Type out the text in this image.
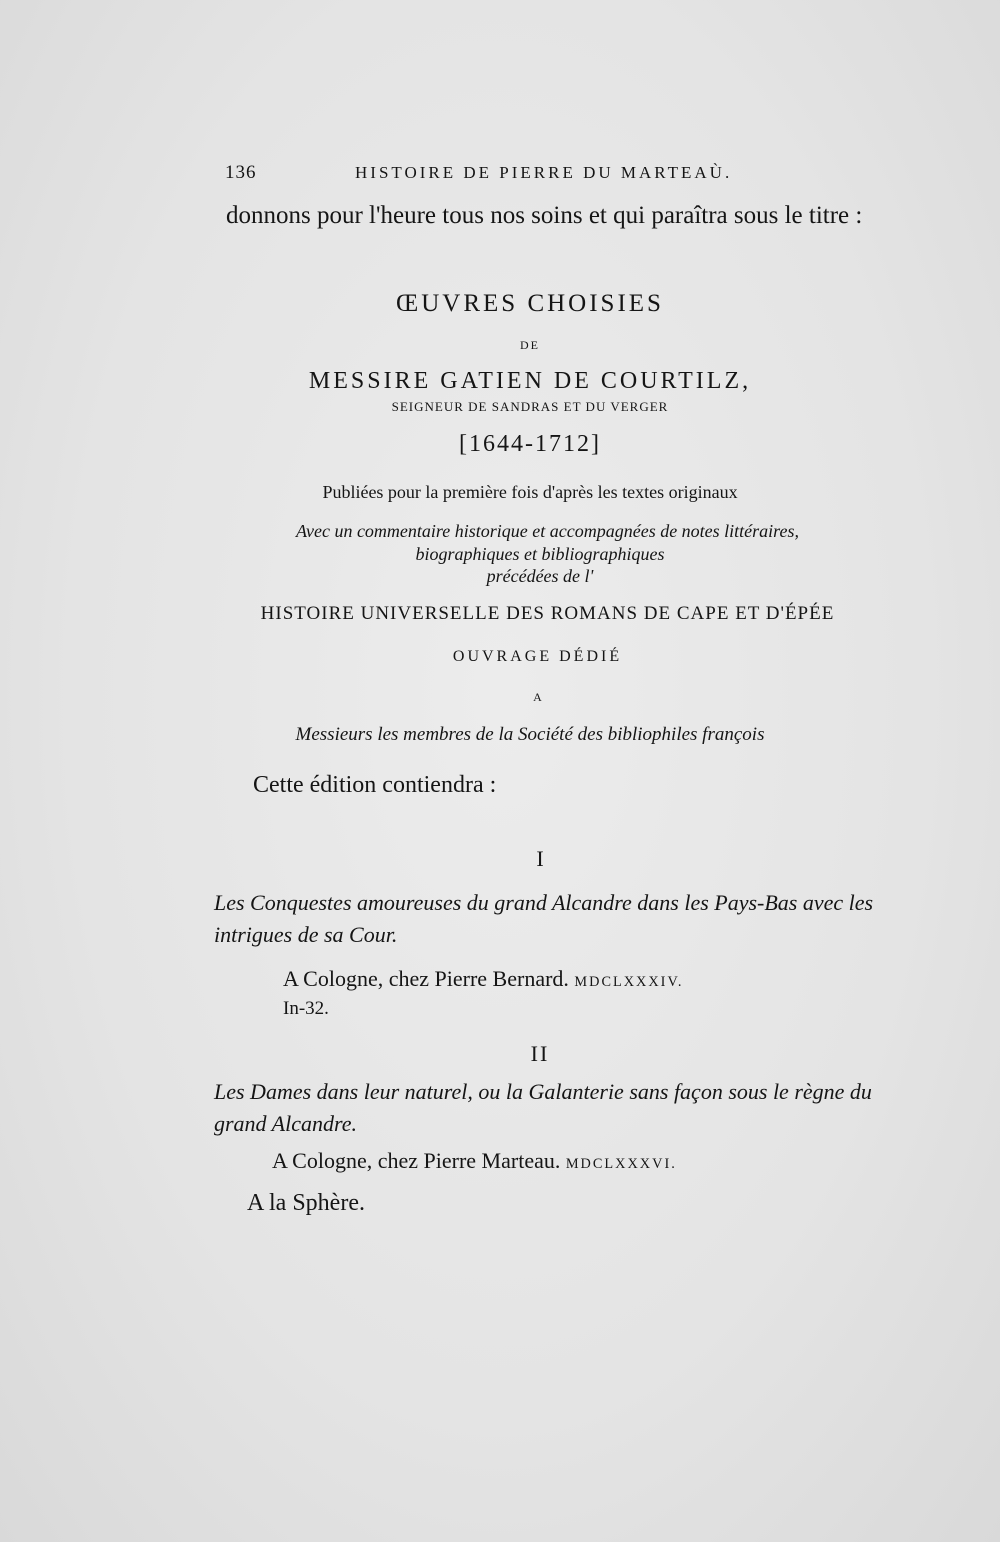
136	HISTOIRE DE PIERRE DU MARTEAÙ.
donnons pour l'heure tous nos soins et qui paraîtra sous le titre :
ŒUVRES CHOISIES
DE
MESSIRE GATIEN DE COURTILZ,
SEIGNEUR DE SANDRAS ET DU VERGER
[1644-1712]
Publiées pour la première fois d'après les textes originaux
Avec un commentaire historique et accompagnées de notes littéraires,
biographiques et bibliographiques
précédées de l'
HISTOIRE UNIVERSELLE DES ROMANS DE CAPE ET D'ÉPÉE
OUVRAGE DÉDIÉ
A
Messieurs les membres de la Société des bibliophiles françois
Cette édition contiendra :
I
Les Conquestes amoureuses du grand Alcandre dans les Pays-Bas avec les intrigues de sa Cour.
A Cologne, chez Pierre Bernard. MDCLXXXIV.
In-32.
II
Les Dames dans leur naturel, ou la Galanterie sans façon sous le règne du grand Alcandre.
A Cologne, chez Pierre Marteau. MDCLXXXVI.
A la Sphère.
